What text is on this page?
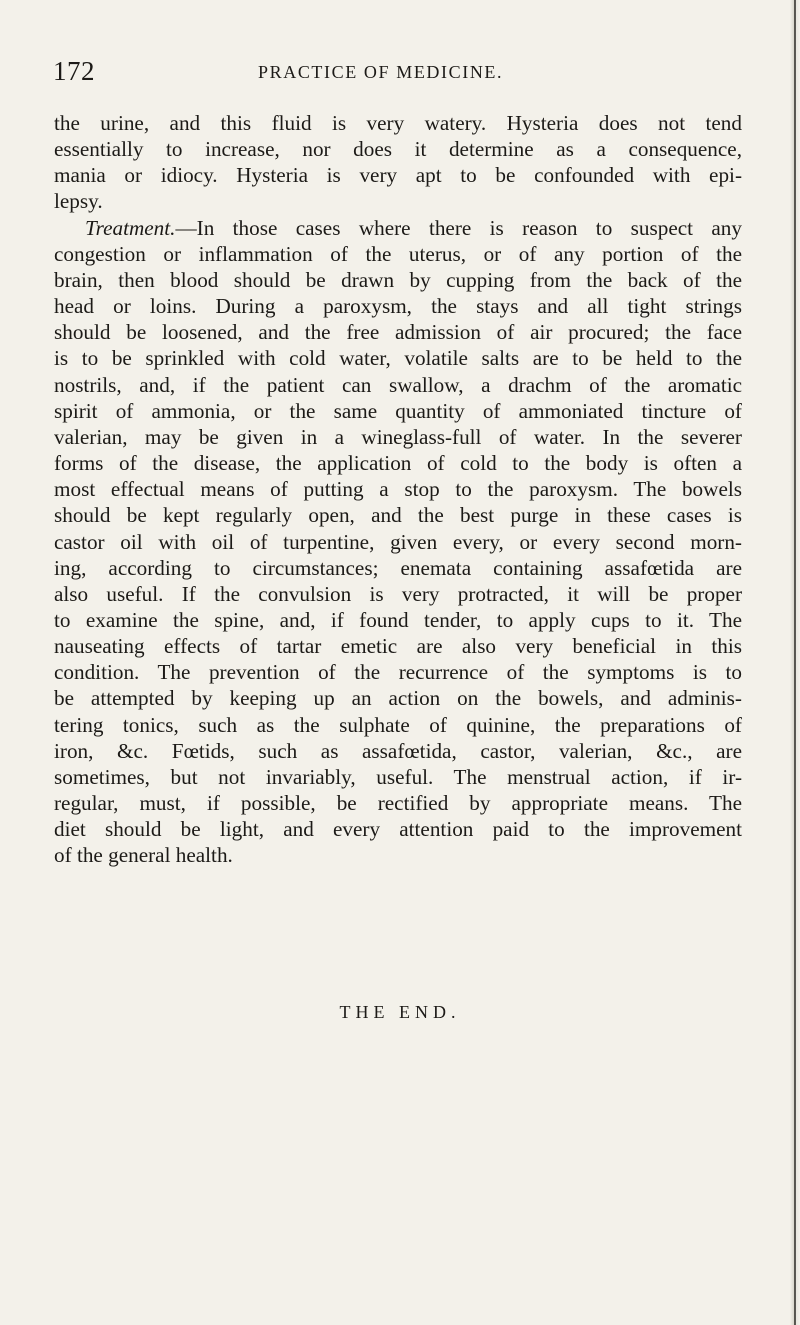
172	PRACTICE OF MEDICINE.
the urine, and this fluid is very watery. Hysteria does not tend
essentially to increase, nor does it determine as a consequence,
mania or idiocy. Hysteria is very apt to be confounded with epi-
lepsy.
Treatment.—In those cases where there is reason to suspect any
congestion or inflammation of the uterus, or of any portion of the
brain, then blood should be drawn by cupping from the back of the
head or loins. During a paroxysm, the stays and all tight strings
should be loosened, and the free admission of air procured; the face
is to be sprinkled with cold water, volatile salts are to be held to the
nostrils, and, if the patient can swallow, a drachm of the aromatic
spirit of ammonia, or the same quantity of ammoniated tincture of
valerian, may be given in a wineglass-full of water. In the severer
forms of the disease, the application of cold to the body is often a
most effectual means of putting a stop to the paroxysm. The bowels
should be kept regularly open, and the best purge in these cases is
castor oil with oil of turpentine, given every, or every second morn-
ing, according to circumstances; enemata containing assafœtida are
also useful. If the convulsion is very protracted, it will be proper
to examine the spine, and, if found tender, to apply cups to it. The
nauseating effects of tartar emetic are also very beneficial in this
condition. The prevention of the recurrence of the symptoms is to
be attempted by keeping up an action on the bowels, and adminis-
tering tonics, such as the sulphate of quinine, the preparations of
iron, &c. Fœtids, such as assafœtida, castor, valerian, &c., are
sometimes, but not invariably, useful. The menstrual action, if ir-
regular, must, if possible, be rectified by appropriate means. The
diet should be light, and every attention paid to the improvement
of the general health.
THE END.
